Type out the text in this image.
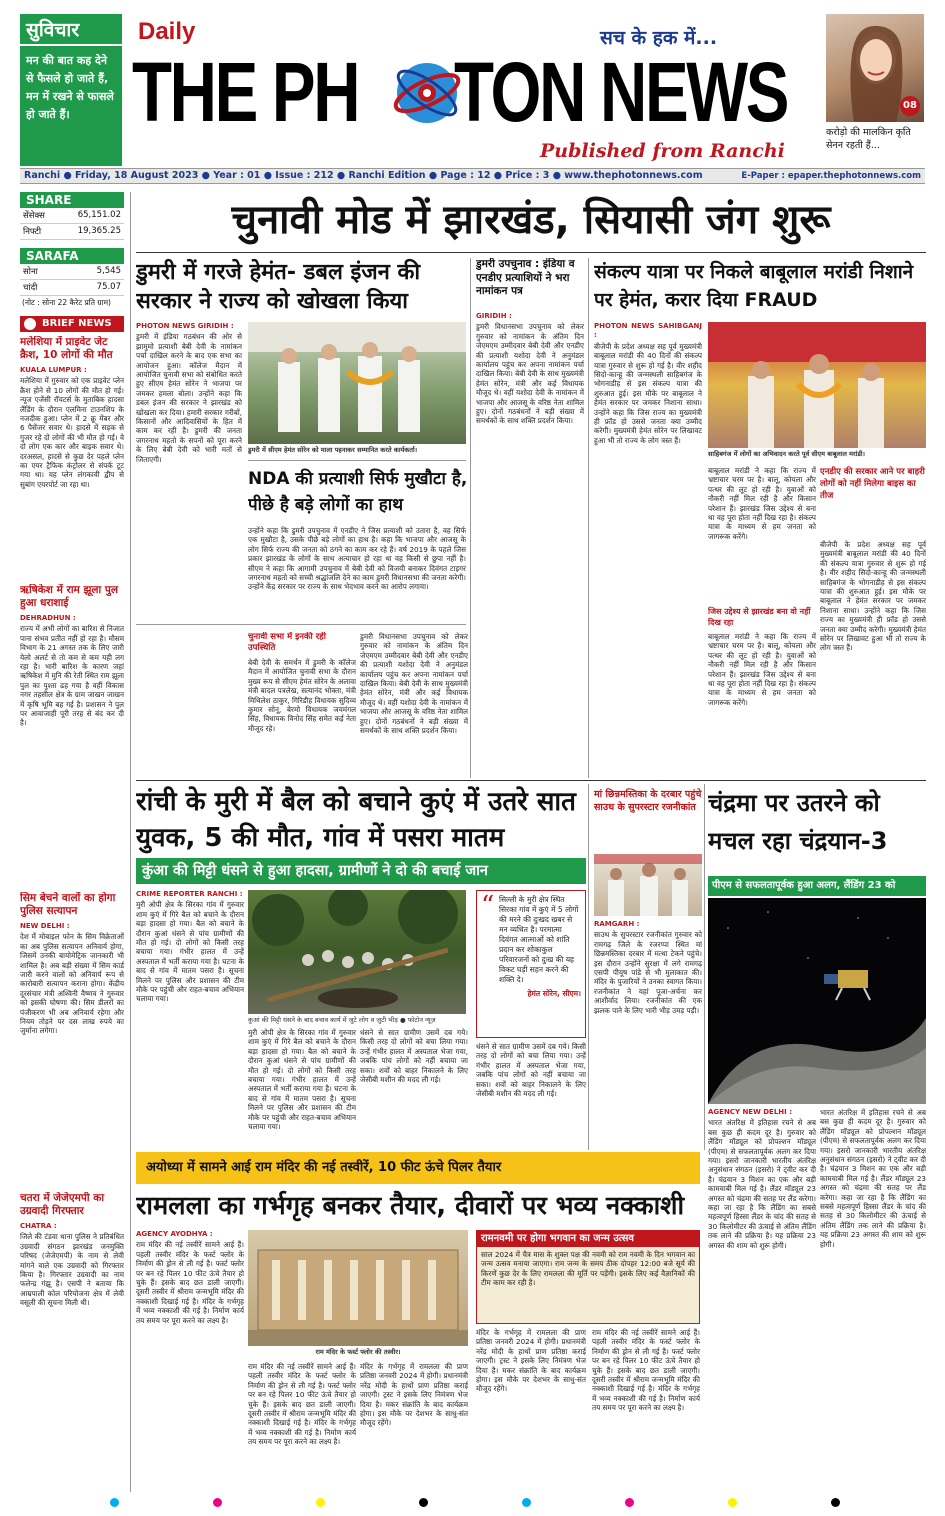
सुविचार
मन की बात कह देने से फैसले हो जाते हैं, मन में रखने से फासले हो जाते हैं।
Daily	सच के हक में...
THE PH TON NEWS
Published from Ranchi
08
करोड़ो की मालकिन कृति सेनन रहती हैं...
Ranchi ● Friday, 18 August 2023 ● Year : 01 ● Issue : 212 ● Ranchi Edition ● Page : 12 ● Price : 3 ● www.thephotonnews.com	E-Paper : epaper.thephotonnews.com
SHARE
सेंसेक्स	65,151.02
निफ्टी	19,365.25
SARAFA
सोना	5,545
चांदी	75.07
(नोट : सोना 22 कैरेट प्रति ग्राम)
BRIEF NEWS
मलेशिया में प्राइवेट जेट क्रैश, 10 लोगों की मौत
KUALA LUMPUR :
मलेशिया में गुरुवार को एक प्राइवेट प्लेन क्रैश होने से 10 लोगों की मौत हो गई। न्यूज एजेंसी रॉयटर्स के मुताबिक हादसा लैंडिंग के दौरान एलमिना टाउनशिप के नजदीक हुआ। प्लेन में 2 क्रू मेंबर और 6 पैसेंजर सवार थे। हादसे में सड़क से गुजर रहे दो लोगों की भी मौत हो गई। वे दो लोग एक कार और बाइक सवार थे। दरअसल, हादसे से कुछ देर पहले प्लेन का एयर ट्रैफिक कंट्रोलर से संपर्क टूट गया था। यह प्लेन लंगकावी द्वीप से सुबांग एयरपोर्ट जा रहा था।
ऋषिकेश में राम झूला पुल हुआ धराशाई
DEHRADHUN :
राज्य में अभी लोगों का बारिश से निजात पाना संभव प्रतीत नहीं हो रहा है। मौसम विभाग के 21 अगस्त तक के लिए जारी येलो अलर्ट से तो कम से कम यही लग रहा है। भारी बारिश के कारण जहां ऋषिकेश में मुनि की रेती स्थित राम झूला पुल का पुश्ता ढह गया है वहीं विकास नगर तहसील क्षेत्र के ग्राम जाखन जाखन में कृषि भूमि बह गई है। प्रशासन ने पुल पर आवाजाही पूरी तरह से बंद कर दी है।
सिम बेचने वालों का होगा पुलिस सत्यापन
NEW DELHI :
देश में मोबाइल फोन के सिम विक्रेताओं का अब पुलिस सत्यापन अनिवार्य होगा, जिसमें उनकी बायोमेट्रिक जानकारी भी शामिल है। अब बड़ी संख्या में सिम कार्ड जारी करने वालों को अनिवार्य रूप से कारोबारी सत्यापन कराना होगा। केंद्रीय दूरसंचार मंत्री अश्विनी वैष्णव ने गुरुवार को इसकी घोषणा की। सिम डीलरों का पंजीकरण भी अब अनिवार्य रहेगा और नियम तोड़ने पर दस लाख रुपये का जुर्माना लगेगा।
चतरा में जेजेएमपी का उग्रवादी गिरफ्तार
CHATRA :
जिले की टंडवा थाना पुलिस ने प्रतिबंधित उग्रवादी संगठन झारखंड जनमुक्ति परिषद (जेजेएमपी) के नाम से लेवी मांगने वाले एक उग्रवादी को गिरफ्तार किया है। गिरफ्तार उग्रवादी का नाम फलेन्द्र गंझू है। एसपी ने बताया कि आम्रपाली कोल परियोजना क्षेत्र में लेवी वसूली की सूचना मिली थी।
चुनावी मोड में झारखंड, सियासी जंग शुरू
डुमरी में गरजे हेमंत- डबल इंजन की सरकार ने राज्य को खोखला किया
PHOTON NEWS GIRIDIH :
डुमरी में इंडिया गठबंधन की ओर से झामुमो प्रत्याशी बेबी देवी के नामांकन पर्चा दाखिल करने के बाद एक सभा का आयोजन हुआ। कॉलेज मैदान में आयोजित चुनावी सभा को संबोधित करते हुए सीएम हेमंत सोरेन ने भाजपा पर जमकर हमला बोला। उन्होंने कहा कि डबल इंजन की सरकार ने झारखंड को खोखला कर दिया। हमारी सरकार गरीबों, किसानों और आदिवासियों के हित में काम कर रही है। डुमरी की जनता जगरनाथ महतो के सपनों को पूरा करने के लिए बेबी देवी को भारी मतों से जिताएगी।
डुमरी में सीएम हेमंत सोरेन को माला पहनाकर सम्मानित करते कार्यकर्ता।
डुमरी उपचुनाव : इंडिया व एनडीए प्रत्याशियों ने भरा नामांकन पत्र
GIRIDIH :
डुमरी विधानसभा उपचुनाव को लेकर गुरुवार को नामांकन के अंतिम दिन जेएमएम उम्मीदवार बेबी देवी और एनडीए की प्रत्याशी यशोदा देवी ने अनुमंडल कार्यालय पहुंच कर अपना नामांकन पर्चा दाखिल किया। बेबी देवी के साथ मुख्यमंत्री हेमंत सोरेन, मंत्री और कई विधायक मौजूद थे। वहीं यशोदा देवी के नामांकन में भाजपा और आजसू के वरिष्ठ नेता शामिल हुए। दोनों गठबंधनों ने बड़ी संख्या में समर्थकों के साथ शक्ति प्रदर्शन किया।
NDA की प्रत्याशी सिर्फ मुखौटा है, पीछे है बड़े लोगों का हाथ
उन्होंने कहा कि डुमरी उपचुनाव में एनडीए ने जिस प्रत्याशी को उतारा है, वह सिर्फ एक मुखौटा है, उसके पीछे बड़े लोगों का हाथ है। कहा कि भाजपा और आजसू के लोग सिर्फ राज्य की जनता को ठगने का काम कर रहे हैं। वर्ष 2019 के पहले जिस प्रकार झारखंड के लोगों के साथ अत्याचार हो रहा था वह किसी से छुपा नहीं है। सीएम ने कहा कि आगामी उपचुनाव में बेबी देवी को विजयी बनाकर दिवंगत टाइगर जगरनाथ महतो को सच्ची श्रद्धांजलि देने का काम डुमरी विधानसभा की जनता करेगी। उन्होंने केंद्र सरकार पर राज्य के साथ भेदभाव करने का आरोप लगाया।
चुनावी सभा में इनकी रही उपस्थिति
बेबी देवी के समर्थन में डुमरी के कॉलेज मैदान में आयोजित चुनावी सभा के दौरान मुख्य रूप से सीएम हेमंत सोरेन के अलावा मंत्री बादल पत्रलेख, सत्यानंद भोक्ता, मंत्री मिथिलेश ठाकुर, गिरिडीह विधायक सुदिव्य कुमार सोनू, बेरमो विधायक जयमंगल सिंह, विधायक विनोद सिंह समेत कई नेता मौजूद रहे।
डुमरी विधानसभा उपचुनाव को लेकर गुरुवार को नामांकन के अंतिम दिन जेएमएम उम्मीदवार बेबी देवी और एनडीए की प्रत्याशी यशोदा देवी ने अनुमंडल कार्यालय पहुंच कर अपना नामांकन पर्चा दाखिल किया। बेबी देवी के साथ मुख्यमंत्री हेमंत सोरेन, मंत्री और कई विधायक मौजूद थे। वहीं यशोदा देवी के नामांकन में भाजपा और आजसू के वरिष्ठ नेता शामिल हुए। दोनों गठबंधनों ने बड़ी संख्या में समर्थकों के साथ शक्ति प्रदर्शन किया।
संकल्प यात्रा पर निकले बाबूलाल मरांडी निशाने पर हेमंत, करार दिया FRAUD
PHOTON NEWS SAHIBGANJ :
बीजेपी के प्रदेश अध्यक्ष सह पूर्व मुख्यमंत्री बाबूलाल मरांडी की 40 दिनों की संकल्प यात्रा गुरुवार से शुरू हो गई है। वीर शहीद सिदो-कान्हू की जन्मस्थली साहिबगंज के भोगनाडीह से इस संकल्प यात्रा की शुरुआत हुई। इस मौके पर बाबूलाल ने हेमंत सरकार पर जमकर निशाना साधा। उन्होंने कहा कि जिस राज्य का मुख्यमंत्री ही फ्रॉड हो उससे जनता क्या उम्मीद करेगी। मुख्यमंत्री हेमंत सोरेन पर लिखावट हुआ भी तो राज्य के लोग त्रस्त हैं।
साहिबगंज में लोगों का अभिवादन करते पूर्व सीएम बाबूलाल मरांडी।
बाबूलाल मरांडी ने कहा कि राज्य में भ्रष्टाचार चरम पर है। बालू, कोयला और पत्थर की लूट हो रही है। युवाओं को नौकरी नहीं मिल रही है और किसान परेशान हैं। झारखंड जिस उद्देश्य से बना था वह पूरा होता नहीं दिख रहा है। संकल्प यात्रा के माध्यम से हम जनता को जागरूक करेंगे।
एनडीए की सरकार आने पर बाहरी लोगों को नहीं मिलेगा बाइस का तीज
बीजेपी के प्रदेश अध्यक्ष सह पूर्व मुख्यमंत्री बाबूलाल मरांडी की 40 दिनों की संकल्प यात्रा गुरुवार से शुरू हो गई है। वीर शहीद सिदो-कान्हू की जन्मस्थली साहिबगंज के भोगनाडीह से इस संकल्प यात्रा की शुरुआत हुई। इस मौके पर बाबूलाल ने हेमंत सरकार पर जमकर निशाना साधा। उन्होंने कहा कि जिस राज्य का मुख्यमंत्री ही फ्रॉड हो उससे जनता क्या उम्मीद करेगी। मुख्यमंत्री हेमंत सोरेन पर लिखावट हुआ भी तो राज्य के लोग त्रस्त हैं।
जिस उद्देश्य से झारखंड बना वो नहीं दिख रहा
बाबूलाल मरांडी ने कहा कि राज्य में भ्रष्टाचार चरम पर है। बालू, कोयला और पत्थर की लूट हो रही है। युवाओं को नौकरी नहीं मिल रही है और किसान परेशान हैं। झारखंड जिस उद्देश्य से बना था वह पूरा होता नहीं दिख रहा है। संकल्प यात्रा के माध्यम से हम जनता को जागरूक करेंगे।
रांची के मुरी में बैल को बचाने कुएं में उतरे सात युवक, 5 की मौत, गांव में पसरा मातम
कुंआ की मिट्टी धंसने से हुआ हादसा, ग्रामीणों ने दो की बचाई जान
CRIME REPORTER RANCHI :
मुरी ओपी क्षेत्र के सिरका गांव में गुरुवार शाम कुएं में गिरे बैल को बचाने के दौरान बड़ा हादसा हो गया। बैल को बचाने के दौरान कुआं धंसने से पांच ग्रामीणों की मौत हो गई। दो लोगों को किसी तरह बचाया गया। गंभीर हालत में उन्हें अस्पताल में भर्ती कराया गया है। घटना के बाद से गांव में मातम पसरा है। सूचना मिलने पर पुलिस और प्रशासन की टीम मौके पर पहुंची और राहत-बचाव अभियान चलाया गया।
कुआं की मिट्टी धंसने के बाद बचाव कार्य में जुटे लोग व जुटी भीड़ ● फोटोन न्यूज़
“ सिल्ली के मुरी क्षेत्र स्थित सिरका गांव में कुएं में 5 लोगों की मरने की दुःखद खबर से मन व्यथित है। परमात्मा दिवंगत आत्माओं को शांति प्रदान कर शोकाकुल परिवारजनों को दुःख की यह विकट घड़ी सहन करने की शक्ति दे।
हेमंत सोरेन, सीएम।
मुरी ओपी क्षेत्र के सिरका गांव में गुरुवार शाम कुएं में गिरे बैल को बचाने के दौरान बड़ा हादसा हो गया। बैल को बचाने के दौरान कुआं धंसने से पांच ग्रामीणों की मौत हो गई। दो लोगों को किसी तरह बचाया गया। गंभीर हालत में उन्हें अस्पताल में भर्ती कराया गया है। घटना के बाद से गांव में मातम पसरा है। सूचना मिलने पर पुलिस और प्रशासन की टीम मौके पर पहुंची और राहत-बचाव अभियान चलाया गया।
धंसने से सात ग्रामीण उसमें दब गये। किसी तरह दो लोगों को बचा लिया गया। उन्हें गंभीर हालत में अस्पताल भेजा गया, जबकि पांच लोगों को नहीं बचाया जा सका। शवों को बाहर निकालने के लिए जेसीबी मशीन की मदद ली गई।
धंसने से सात ग्रामीण उसमें दब गये। किसी तरह दो लोगों को बचा लिया गया। उन्हें गंभीर हालत में अस्पताल भेजा गया, जबकि पांच लोगों को नहीं बचाया जा सका। शवों को बाहर निकालने के लिए जेसीबी मशीन की मदद ली गई।
मां छिन्नमस्तिका के दरबार पहुंचे साउथ के सुपरस्टार रजनीकांत
RAMGARH :
साउथ के सुपरस्टार रजनीकांत गुरुवार को रामगढ़ जिले के रजरप्पा स्थित मां छिन्नमस्तिका दरबार में मत्था टेकने पहुंचे। इस दौरान उन्होंने सुरक्षा में लगे रामगढ़ एसपी पीयूष पांडे से भी मुलाकात की। मंदिर के पुजारियों ने उनका स्वागत किया। रजनीकांत ने यहां पूजा-अर्चना कर आशीर्वाद लिया। रजनीकांत की एक झलक पाने के लिए भारी भीड़ उमड़ पड़ी।
चंद्रमा पर उतरने को मचल रहा चंद्रयान-3
पीएम से सफलतापूर्वक हुआ अलग, लैंडिंग 23 को
AGENCY NEW DELHI :
भारत अंतरिक्ष में इतिहास रचने से अब बस कुछ ही कदम दूर है। गुरुवार को लैंडिंग मॉड्यूल को प्रोपल्शन मॉड्यूल (पीएम) से सफलतापूर्वक अलग कर दिया गया। इसरो जानकारी भारतीय अंतरिक्ष अनुसंधान संगठन (इसरो) ने ट्वीट कर दी है। चंद्रयान 3 मिशन का एक और बड़ी कामयाबी मिल गई है। लैंडर मॉड्यूल 23 अगस्त को चंद्रमा की सतह पर लैंड करेगा। कहा जा रहा है कि लैंडिंग का सबसे महत्वपूर्ण हिस्सा लैंडर के चांद की सतह से 30 किलोमीटर की ऊंचाई से अंतिम लैंडिंग तक लाने की प्रक्रिया है। यह प्रक्रिया 23 अगस्त की शाम को शुरू होगी।
भारत अंतरिक्ष में इतिहास रचने से अब बस कुछ ही कदम दूर है। गुरुवार को लैंडिंग मॉड्यूल को प्रोपल्शन मॉड्यूल (पीएम) से सफलतापूर्वक अलग कर दिया गया। इसरो जानकारी भारतीय अंतरिक्ष अनुसंधान संगठन (इसरो) ने ट्वीट कर दी है। चंद्रयान 3 मिशन का एक और बड़ी कामयाबी मिल गई है। लैंडर मॉड्यूल 23 अगस्त को चंद्रमा की सतह पर लैंड करेगा। कहा जा रहा है कि लैंडिंग का सबसे महत्वपूर्ण हिस्सा लैंडर के चांद की सतह से 30 किलोमीटर की ऊंचाई से अंतिम लैंडिंग तक लाने की प्रक्रिया है। यह प्रक्रिया 23 अगस्त की शाम को शुरू होगी।
अयोध्या में सामने आई राम मंदिर की नई तस्वीरें, 10 फीट ऊंचे पिलर तैयार
रामलला का गर्भगृह बनकर तैयार, दीवारों पर भव्य नक्काशी
AGENCY AYODHYA :
राम मंदिर की नई तस्वीरें सामने आई हैं। पहली तस्वीर मंदिर के फर्स्ट फ्लोर के निर्माण की ड्रोन से ली गई है। फर्स्ट फ्लोर पर बन रहे पिलर 10 फीट ऊंचे तैयार हो चुके हैं। इसके बाद छत डाली जाएगी। दूसरी तस्वीर में श्रीराम जन्मभूमि मंदिर की नक्काशी दिखाई गई है। मंदिर के गर्भगृह में भव्य नक्काशी की गई है। निर्माण कार्य तय समय पर पूरा करने का लक्ष्य है।
राम मंदिर के फर्स्ट फ्लोर की तस्वीर।
राम मंदिर की नई तस्वीरें सामने आई हैं। पहली तस्वीर मंदिर के फर्स्ट फ्लोर के निर्माण की ड्रोन से ली गई है। फर्स्ट फ्लोर पर बन रहे पिलर 10 फीट ऊंचे तैयार हो चुके हैं। इसके बाद छत डाली जाएगी। दूसरी तस्वीर में श्रीराम जन्मभूमि मंदिर की नक्काशी दिखाई गई है। मंदिर के गर्भगृह में भव्य नक्काशी की गई है। निर्माण कार्य तय समय पर पूरा करने का लक्ष्य है।
मंदिर के गर्भगृह में रामलला की प्राण प्रतिष्ठा जनवरी 2024 में होगी। प्रधानमंत्री नरेंद्र मोदी के हाथों प्राण प्रतिष्ठा कराई जाएगी। ट्रस्ट ने इसके लिए निमंत्रण भेज दिया है। मकर संक्रांति के बाद कार्यक्रम होगा। इस मौके पर देशभर के साधु-संत मौजूद रहेंगे।
रामनवमी पर होगा भगवान का जन्म उत्सव
साल 2024 में चैत्र मास के शुक्ल पक्ष की नवमी को राम नवमी के दिन भगवान का जन्म उत्सव मनाया जाएगा। राम जन्म के समय ठीक दोपहर 12:00 बजे सूर्य की किरणें कुछ देर के लिए रामलला की मूर्ति पर पड़ेंगी। इसके लिए कई वैज्ञानिकों की टीम काम कर रही है।
मंदिर के गर्भगृह में रामलला की प्राण प्रतिष्ठा जनवरी 2024 में होगी। प्रधानमंत्री नरेंद्र मोदी के हाथों प्राण प्रतिष्ठा कराई जाएगी। ट्रस्ट ने इसके लिए निमंत्रण भेज दिया है। मकर संक्रांति के बाद कार्यक्रम होगा। इस मौके पर देशभर के साधु-संत मौजूद रहेंगे।
राम मंदिर की नई तस्वीरें सामने आई हैं। पहली तस्वीर मंदिर के फर्स्ट फ्लोर के निर्माण की ड्रोन से ली गई है। फर्स्ट फ्लोर पर बन रहे पिलर 10 फीट ऊंचे तैयार हो चुके हैं। इसके बाद छत डाली जाएगी। दूसरी तस्वीर में श्रीराम जन्मभूमि मंदिर की नक्काशी दिखाई गई है। मंदिर के गर्भगृह में भव्य नक्काशी की गई है। निर्माण कार्य तय समय पर पूरा करने का लक्ष्य है।
